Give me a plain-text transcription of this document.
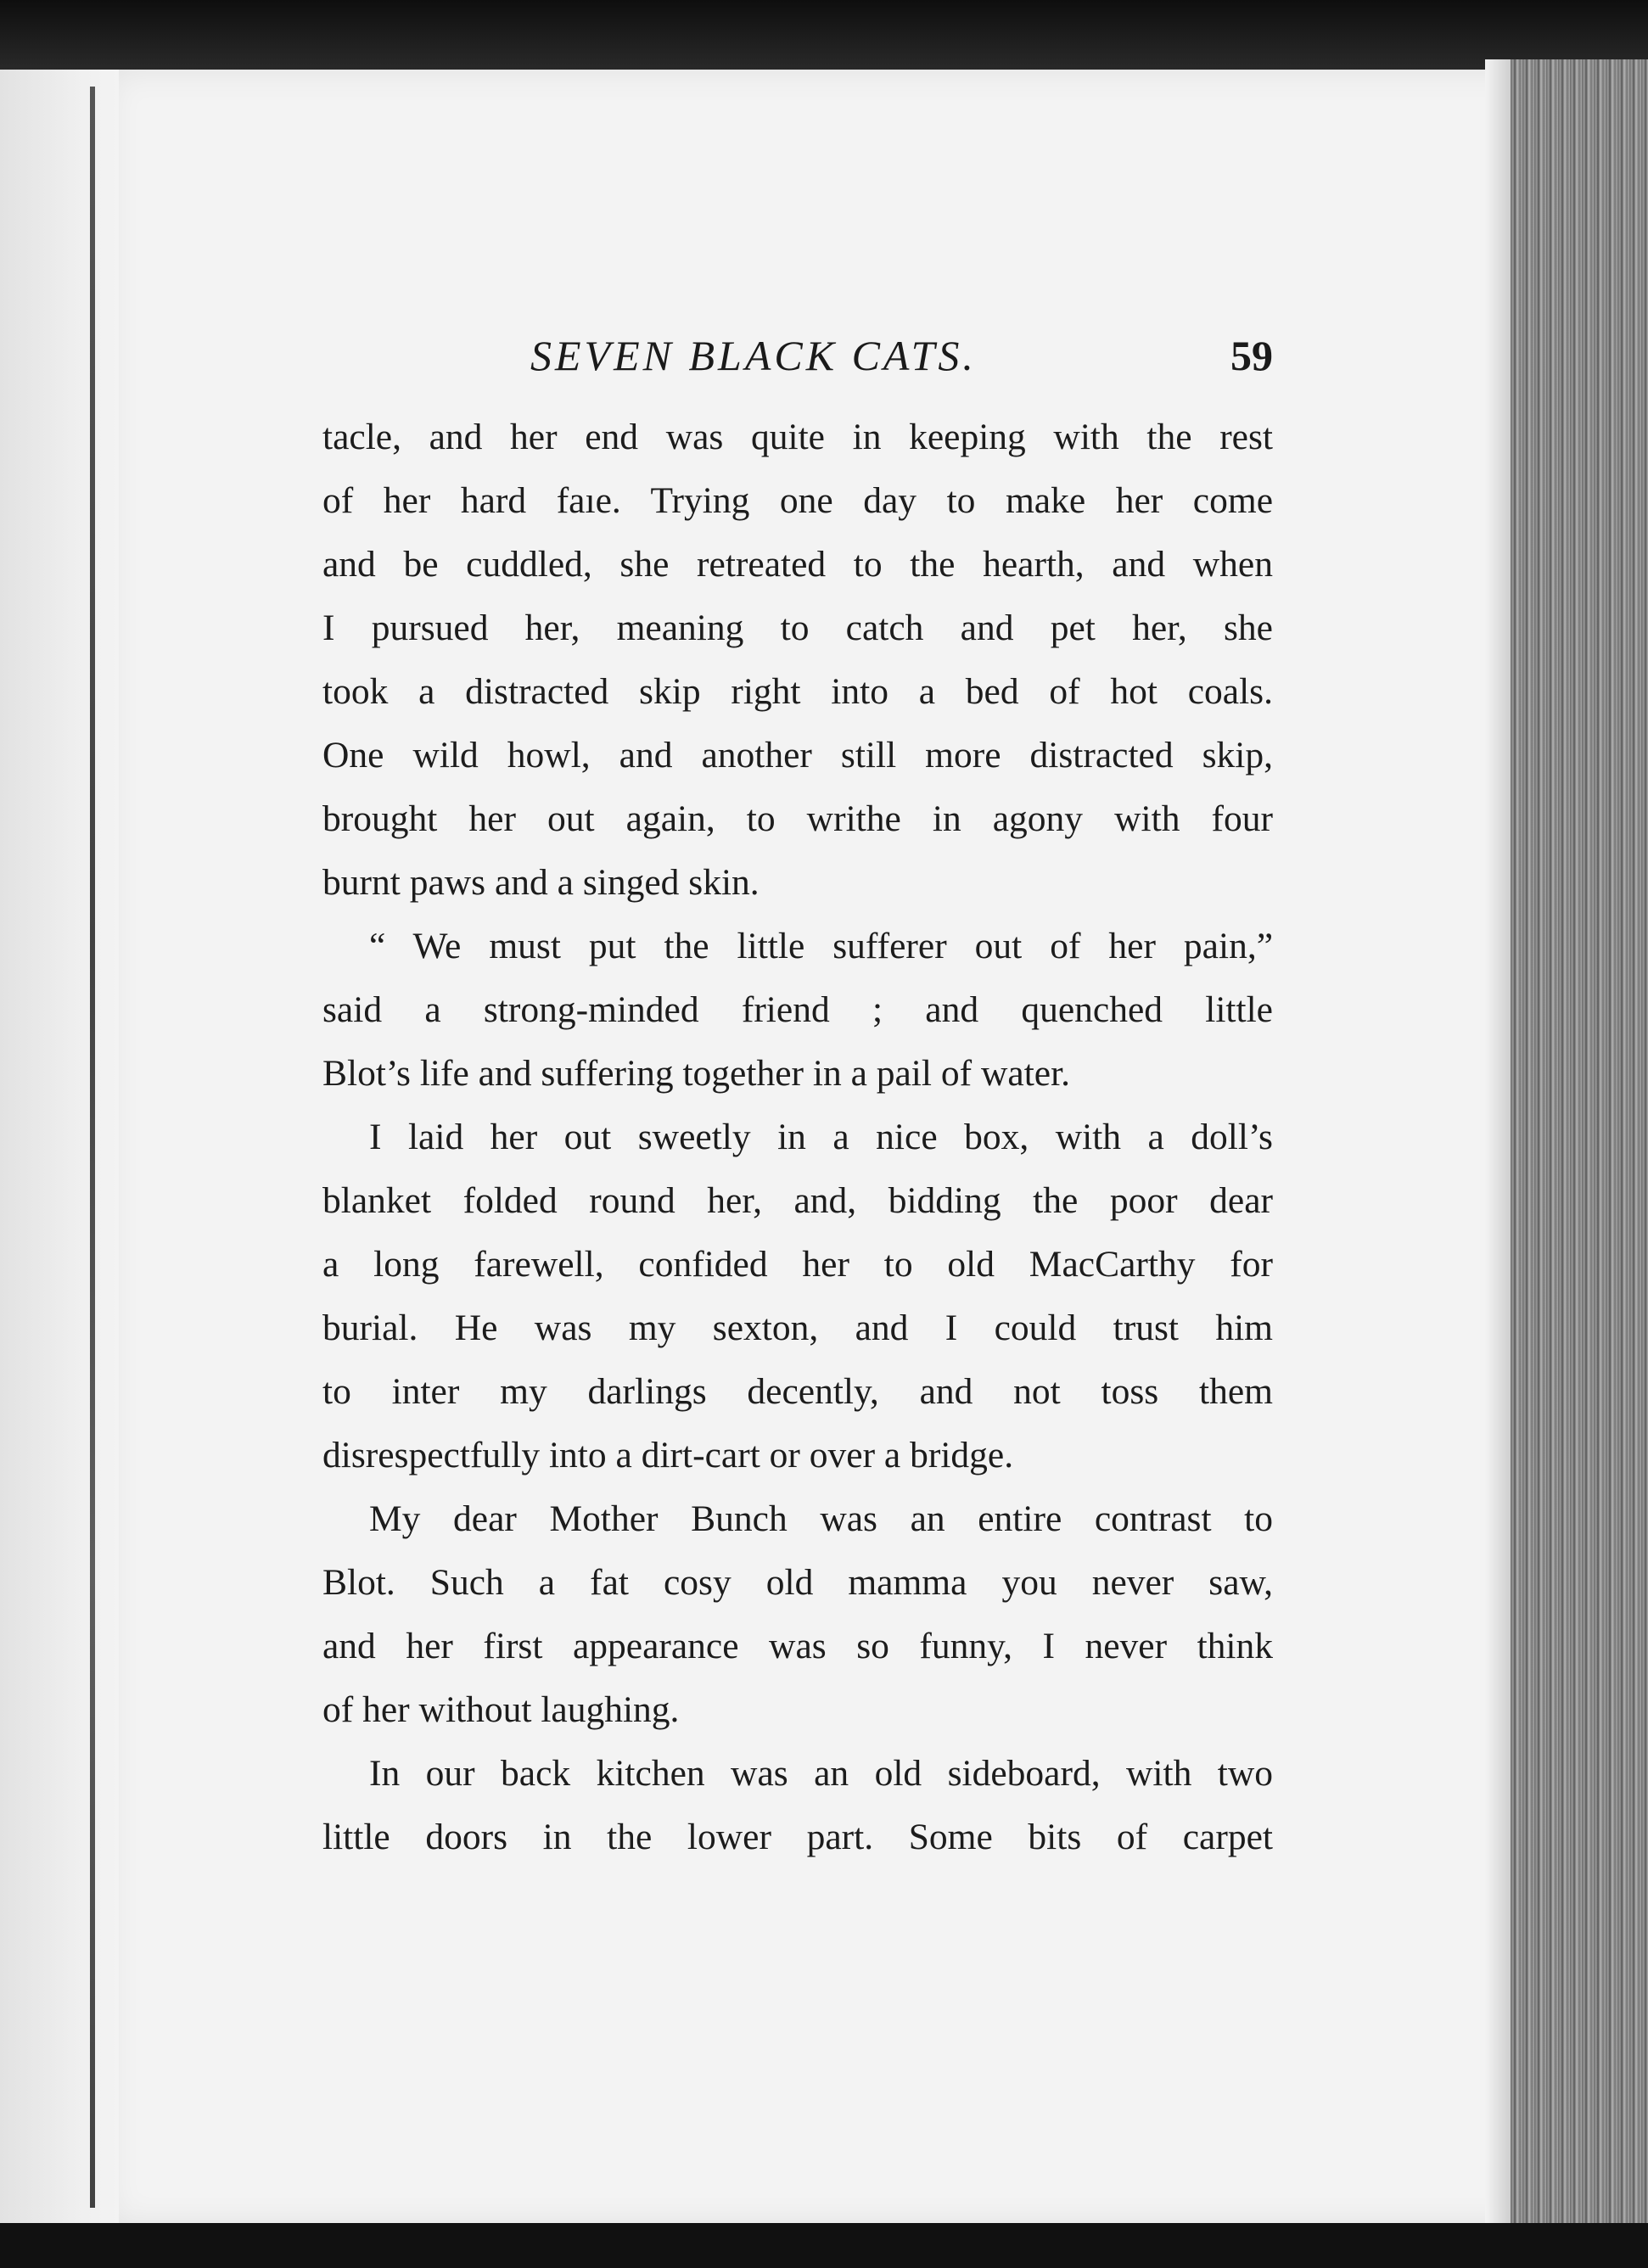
SEVEN BLACK CATS.	59
tacle, and her end was quite in keeping with the rest
of her hard faıe. Trying one day to make her come
and be cuddled, she retreated to the hearth, and when
I pursued her, meaning to catch and pet her, she
took a distracted skip right into a bed of hot coals.
One wild howl, and another still more distracted skip,
brought her out again, to writhe in agony with four
burnt paws and a singed skin.
“ We must put the little sufferer out of her pain,”
said a strong-minded friend ; and quenched little
Blot’s life and suffering together in a pail of water.
I laid her out sweetly in a nice box, with a doll’s
blanket folded round her, and, bidding the poor dear
a long farewell, confided her to old MacCarthy for
burial. He was my sexton, and I could trust him
to inter my darlings decently, and not toss them
disrespectfully into a dirt-cart or over a bridge.
My dear Mother Bunch was an entire contrast to
Blot. Such a fat cosy old mamma you never saw,
and her first appearance was so funny, I never think
of her without laughing.
In our back kitchen was an old sideboard, with two
little doors in the lower part. Some bits of carpet
